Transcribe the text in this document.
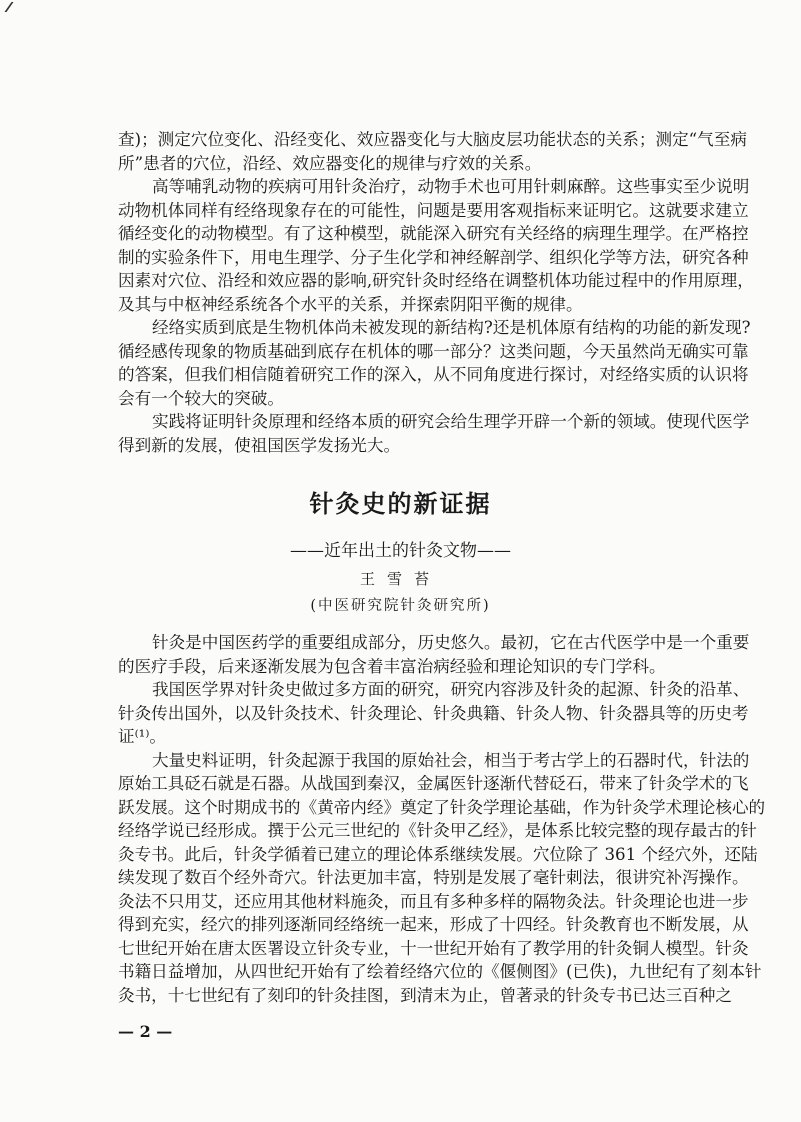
查)；测定穴位变化、沿经变化、效应器变化与大脑皮层功能状态的关系；测定“气至病
所”患者的穴位，沿经、效应器变化的规律与疗效的关系。
高等哺乳动物的疾病可用针灸治疗，动物手术也可用针刺麻醉。这些事实至少说明
动物机体同样有经络现象存在的可能性，问题是要用客观指标来证明它。这就要求建立
循经变化的动物模型。有了这种模型，就能深入研究有关经络的病理生理学。在严格控
制的实验条件下，用电生理学、分子生化学和神经解剖学、组织化学等方法，研究各种
因素对穴位、沿经和效应器的影响,研究针灸时经络在调整机体功能过程中的作用原理，
及其与中枢神经系统各个水平的关系，并探索阴阳平衡的规律。
经络实质到底是生物机体尚未被发现的新结构?还是机体原有结构的功能的新发现?
循经感传现象的物质基础到底存在机体的哪一部分？这类问题，今天虽然尚无确实可靠
的答案，但我们相信随着研究工作的深入，从不同角度进行探讨，对经络实质的认识将
会有一个较大的突破。
实践将证明针灸原理和经络本质的研究会给生理学开辟一个新的领域。使现代医学
得到新的发展，使祖国医学发扬光大。
针灸史的新证据
——近年出土的针灸文物——
王雪苔
(中医研究院针灸研究所)
针灸是中国医药学的重要组成部分，历史悠久。最初，它在古代医学中是一个重要
的医疗手段，后来逐渐发展为包含着丰富治病经验和理论知识的专门学科。
我国医学界对针灸史做过多方面的研究，研究内容涉及针灸的起源、针灸的沿革、
针灸传出国外，以及针灸技术、针灸理论、针灸典籍、针灸人物、针灸器具等的历史考
证⁽¹⁾。
大量史料证明，针灸起源于我国的原始社会，相当于考古学上的石器时代，针法的
原始工具砭石就是石器。从战国到秦汉，金属医针逐渐代替砭石，带来了针灸学术的飞
跃发展。这个时期成书的《黄帝内经》奠定了针灸学理论基础，作为针灸学术理论核心的
经络学说已经形成。撰于公元三世纪的《针灸甲乙经》，是体系比较完整的现存最古的针
灸专书。此后，针灸学循着已建立的理论体系继续发展。穴位除了 361 个经穴外，还陆
续发现了数百个经外奇穴。针法更加丰富，特别是发展了毫针刺法，很讲究补泻操作。
灸法不只用艾，还应用其他材料施灸，而且有多种多样的隔物灸法。针灸理论也进一步
得到充实，经穴的排列逐渐同经络统一起来，形成了十四经。针灸教育也不断发展，从
七世纪开始在唐太医署设立针灸专业，十一世纪开始有了教学用的针灸铜人模型。针灸
书籍日益增加，从四世纪开始有了绘着经络穴位的《偃侧图》(已佚)，九世纪有了刻本针
灸书，十七世纪有了刻印的针灸挂图，到清末为止，曾著录的针灸专书已达三百种之
— 2 —
